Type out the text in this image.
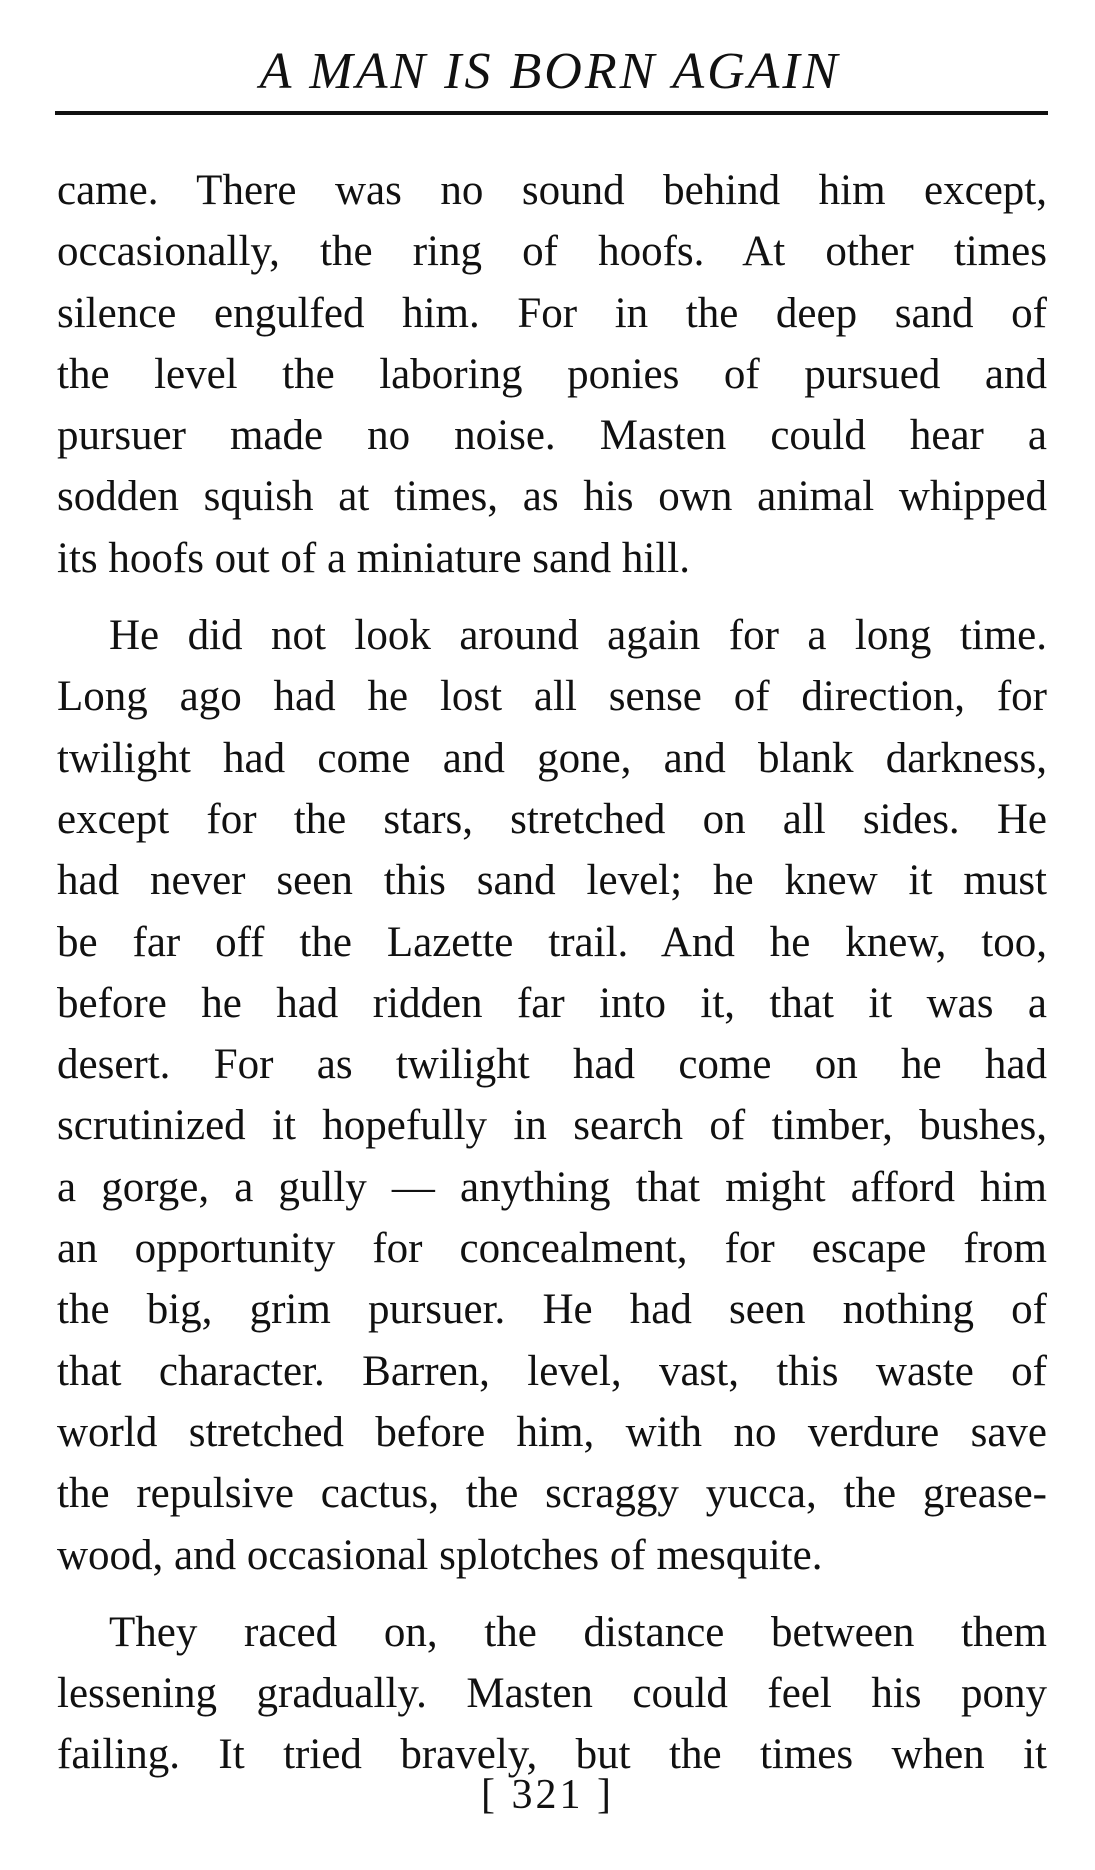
A MAN IS BORN AGAIN

came. There was no sound behind him except,
occasionally, the ring of hoofs. At other times
silence engulfed him. For in the deep sand of
the level the laboring ponies of pursued and
pursuer made no noise. Masten could hear a
sodden squish at times, as his own animal whipped
its hoofs out of a miniature sand hill.

He did not look around again for a long time.
Long ago had he lost all sense of direction, for
twilight had come and gone, and blank darkness,
except for the stars, stretched on all sides. He
had never seen this sand level; he knew it must
be far off the Lazette trail. And he knew, too,
before he had ridden far into it, that it was a
desert. For as twilight had come on he had
scrutinized it hopefully in search of timber, bushes,
a gorge, a gully — anything that might afford him
an opportunity for concealment, for escape from
the big, grim pursuer. He had seen nothing of
that character. Barren, level, vast, this waste of
world stretched before him, with no verdure save
the repulsive cactus, the scraggy yucca, the grease-
wood, and occasional splotches of mesquite.

They raced on, the distance between them
lessening gradually. Masten could feel his pony
failing. It tried bravely, but the times when it

[ 321 ]
